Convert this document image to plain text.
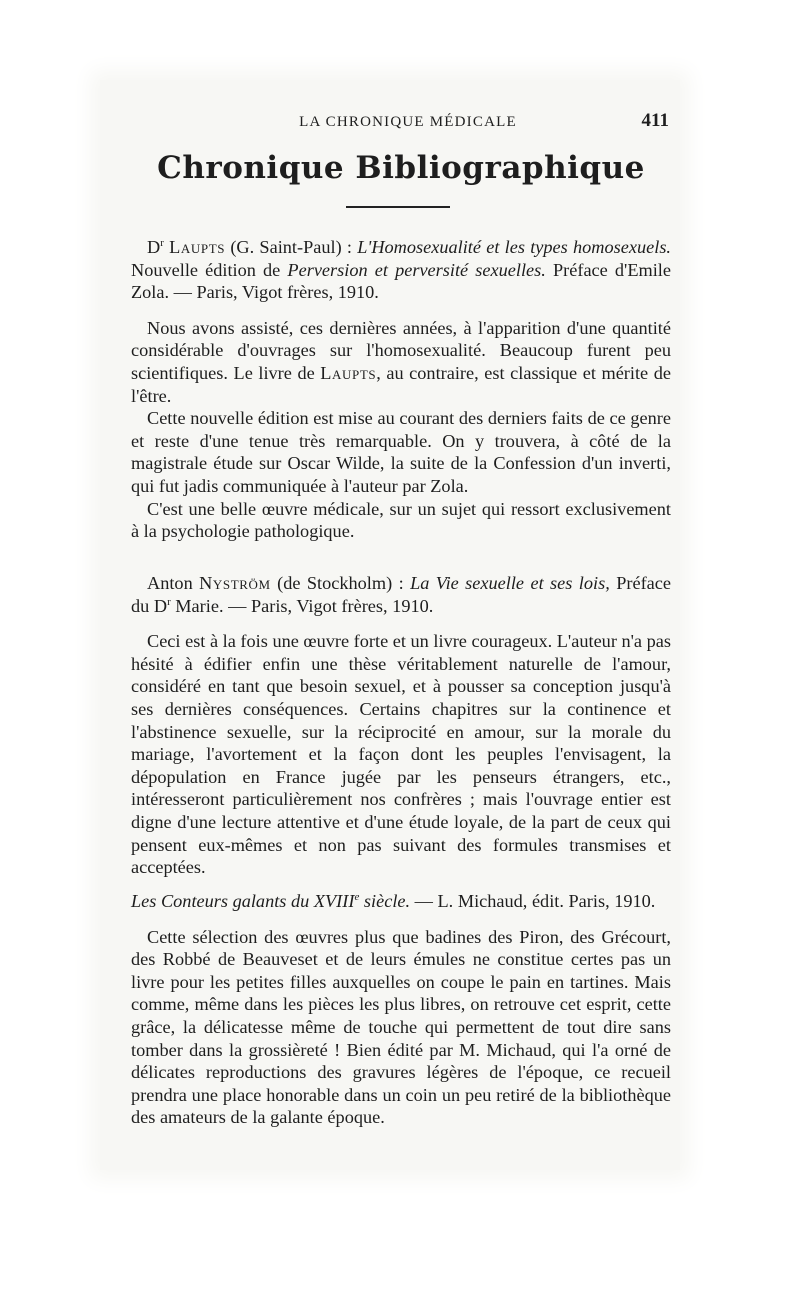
LA CHRONIQUE MÉDICALE	411
Chronique Bibliographique

$D^r$ Laupts (G. Saint-Paul) : L'Homosexualité et les types homosexuels. Nouvelle édition de Perversion et perversité sexuelles. Préface d'Emile Zola. — Paris, Vigot frères, 1910.

Nous avons assisté, ces dernières années, à l'apparition d'une quantité considérable d'ouvrages sur l'homosexualité. Beaucoup furent peu scientifiques. Le livre de Laupts, au contraire, est classique et mérite de l'être.

Cette nouvelle édition est mise au courant des derniers faits de ce genre et reste d'une tenue très remarquable. On y trouvera, à côté de la magistrale étude sur Oscar Wilde, la suite de la Confession d'un inverti, qui fut jadis communiquée à l'auteur par Zola.

C'est une belle œuvre médicale, sur un sujet qui ressort exclusivement à la psychologie pathologique.

Anton Nyström (de Stockholm) : La Vie sexuelle et ses lois, Préface du $D^r$ Marie. — Paris, Vigot frères, 1910.

Ceci est à la fois une œuvre forte et un livre courageux. L'auteur n'a pas hésité à édifier enfin une thèse véritablement naturelle de l'amour, considéré en tant que besoin sexuel, et à pousser sa conception jusqu'à ses dernières conséquences. Certains chapitres sur la continence et l'abstinence sexuelle, sur la réciprocité en amour, sur la morale du mariage, l'avortement et la façon dont les peuples l'envisagent, la dépopulation en France jugée par les penseurs étrangers, etc., intéresseront particulièrement nos confrères ; mais l'ouvrage entier est digne d'une lecture attentive et d'une étude loyale, de la part de ceux qui pensent eux-mêmes et non pas suivant des formules transmises et acceptées.

Les Conteurs galants du XVIIIe siècle. — L. Michaud, édit. Paris, 1910.

Cette sélection des œuvres plus que badines des Piron, des Grécourt, des Robbé de Beauveset et de leurs émules ne constitue certes pas un livre pour les petites filles auxquelles on coupe le pain en tartines. Mais comme, même dans les pièces les plus libres, on retrouve cet esprit, cette grâce, la délicatesse même de touche qui permettent de tout dire sans tomber dans la grossièreté ! Bien édité par M. Michaud, qui l'a orné de délicates reproductions des gravures légères de l'époque, ce recueil prendra une place honorable dans un coin un peu retiré de la bibliothèque des amateurs de la galante époque.
